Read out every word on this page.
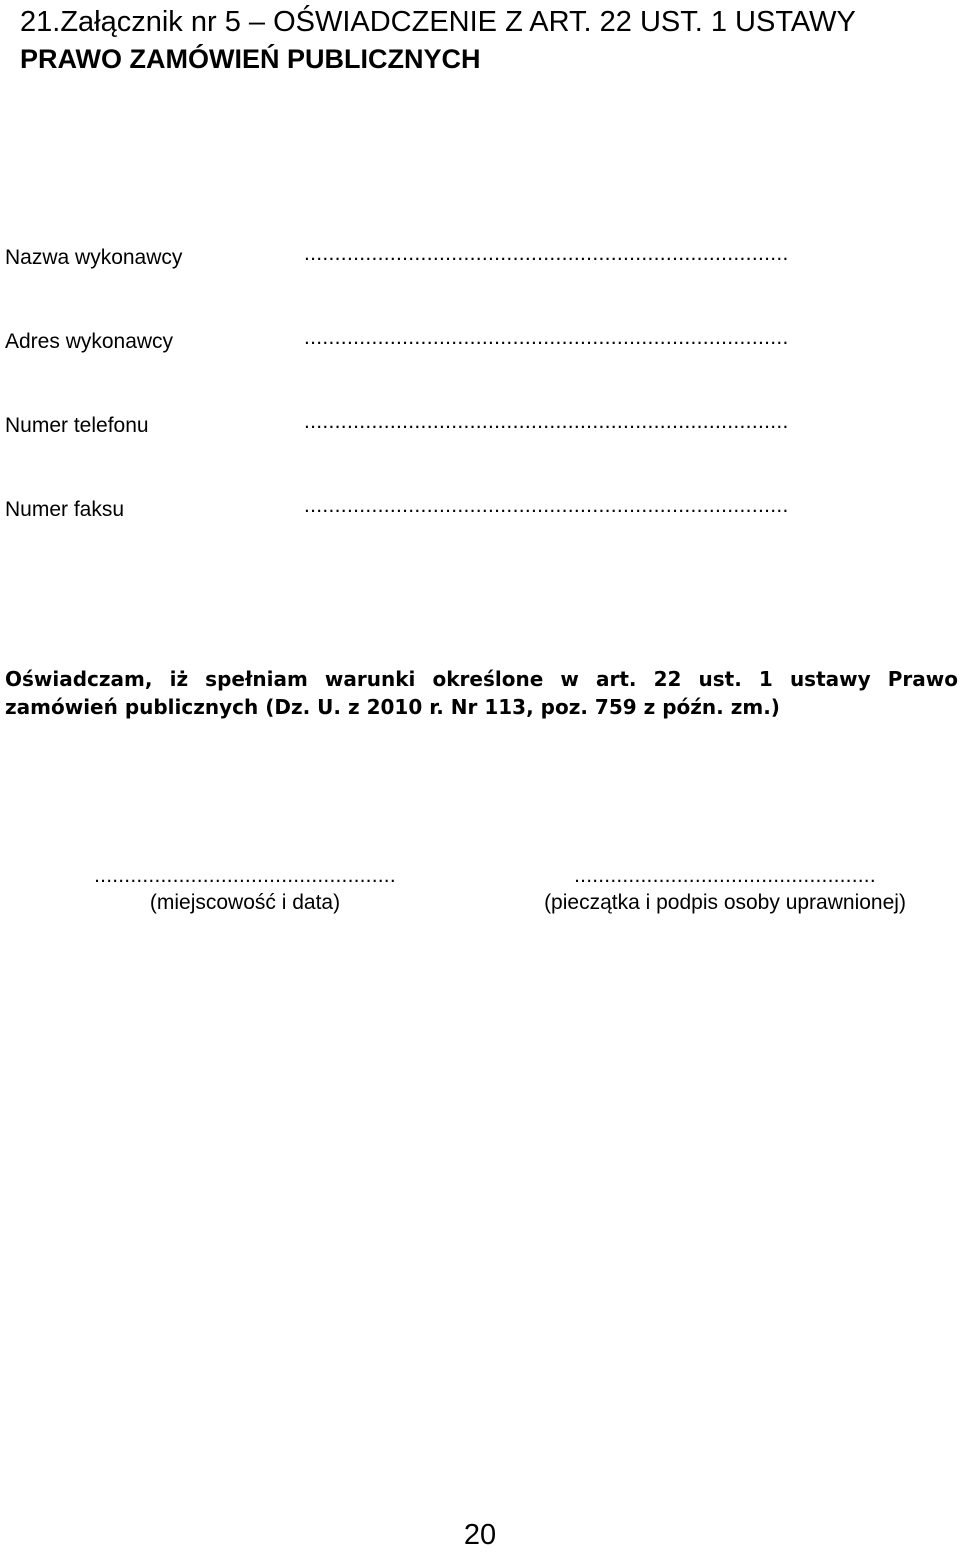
21.Załącznik nr 5 – OŚWIADCZENIE Z ART. 22 UST. 1 USTAWY
PRAWO ZAMÓWIEŃ PUBLICZNYCH
Nazwa wykonawcy	...............................................................................
Adres wykonawcy	...............................................................................
Numer telefonu	...............................................................................
Numer faksu	...............................................................................

Oświadczam, iż spełniam warunki określone w art. 22 ust. 1 ustawy Prawo zamówień publicznych (Dz. U. z 2010 r. Nr 113, poz. 759 z późn. zm.)

..................................................
(miejscowość i data)
..................................................
(pieczątka i podpis osoby uprawnionej)
20
